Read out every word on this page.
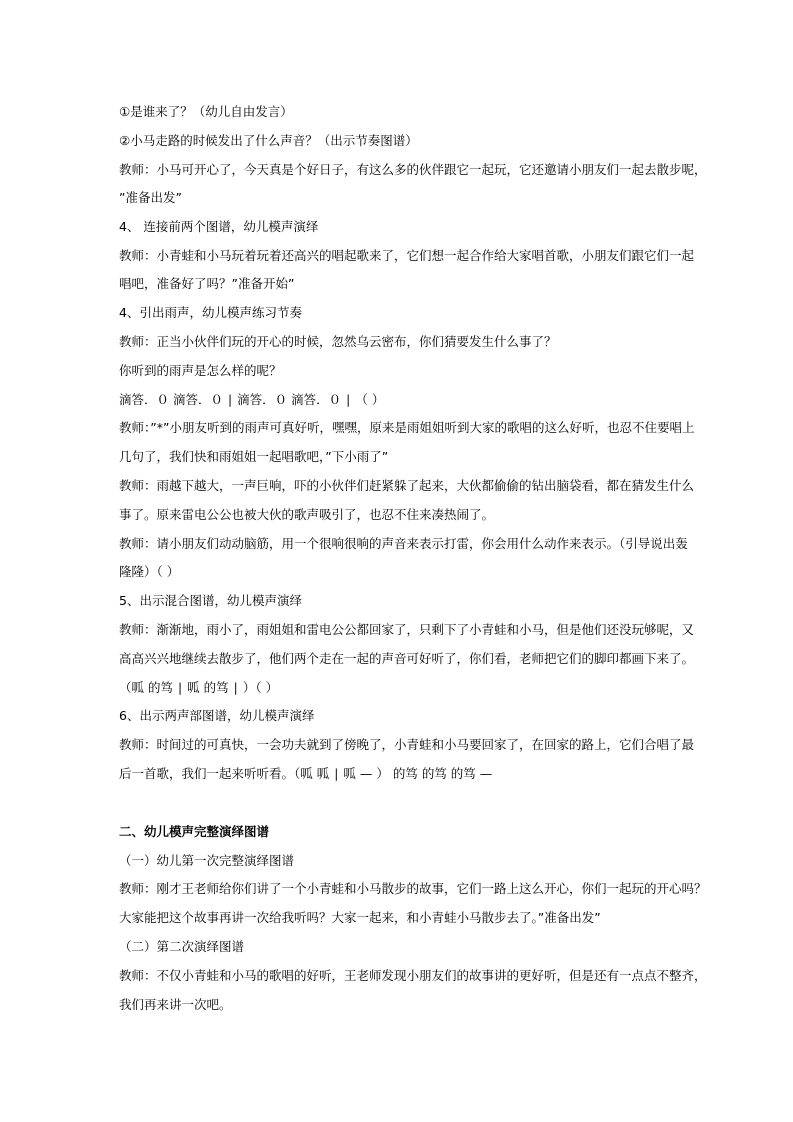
①是谁来了？（幼儿自由发言）
②小马走路的时候发出了什么声音？（出示节奏图谱）
教师：小马可开心了，今天真是个好日子，有这么多的伙伴跟它一起玩，它还邀请小朋友们一起去散步呢，
”准备出发”
4、 连接前两个图谱，幼儿模声演绎
教师：小青蛙和小马玩着玩着还高兴的唱起歌来了，它们想一起合作给大家唱首歌，小朋友们跟它们一起
唱吧，准备好了吗？”准备开始”
4、引出雨声，幼儿模声练习节奏
教师：正当小伙伴们玩的开心的时候，忽然乌云密布，你们猜要发生什么事了？
你听到的雨声是怎么样的呢？
滴答．０ 滴答．０ ∣ 滴答．０ 滴答．０ ∣ （ ）
教师：”*”小朋友听到的雨声可真好听，嘿嘿，原来是雨姐姐听到大家的歌唱的这么好听，也忍不住要唱上
几句了，我们快和雨姐姐一起唱歌吧，”下小雨了”
教师：雨越下越大，一声巨响，吓的小伙伴们赶紧躲了起来，大伙都偷偷的钻出脑袋看，都在猜发生什么
事了。原来雷电公公也被大伙的歌声吸引了，也忍不住来凑热闹了。
教师：请小朋友们动动脑筋，用一个很响很响的声音来表示打雷，你会用什么动作来表示。（引导说出轰
隆隆）（ ）
5、出示混合图谱，幼儿模声演绎
教师：渐渐地，雨小了，雨姐姐和雷电公公都回家了，只剩下了小青蛙和小马，但是他们还没玩够呢，又
高高兴兴地继续去散步了，他们两个走在一起的声音可好听了，你们看，老师把它们的脚印都画下来了。
（呱 的笃 ∣ 呱 的笃 ∣ ）（ ）
6、出示两声部图谱，幼儿模声演绎
教师：时间过的可真快，一会功夫就到了傍晚了，小青蛙和小马要回家了，在回家的路上，它们合唱了最
后一首歌，我们一起来听听看。（呱 呱 ∣ 呱 — ） 的笃 的笃 的笃 —
二、幼儿模声完整演绎图谱
（一）幼儿第一次完整演绎图谱
教师：刚才王老师给你们讲了一个小青蛙和小马散步的故事，它们一路上这么开心，你们一起玩的开心吗？
大家能把这个故事再讲一次给我听吗？大家一起来，和小青蛙小马散步去了。”准备出发”
（二）第二次演绎图谱
教师：不仅小青蛙和小马的歌唱的好听，王老师发现小朋友们的故事讲的更好听，但是还有一点点不整齐，
我们再来讲一次吧。
